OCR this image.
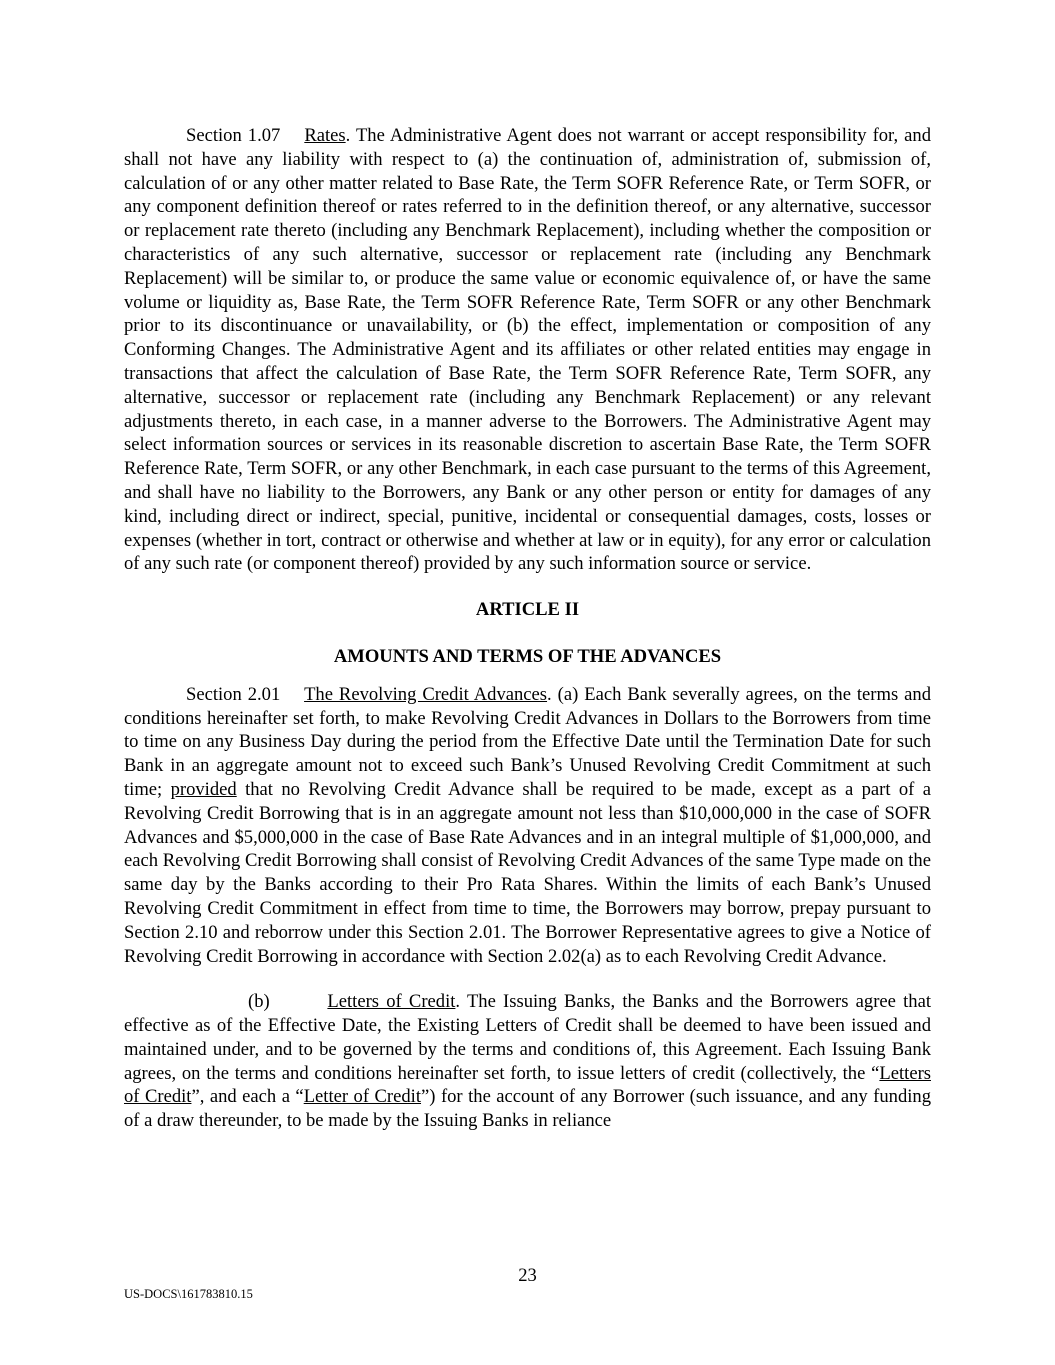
Section 1.07 Rates. The Administrative Agent does not warrant or accept responsibility for, and shall not have any liability with respect to (a) the continuation of, administration of, submission of, calculation of or any other matter related to Base Rate, the Term SOFR Reference Rate, or Term SOFR, or any component definition thereof or rates referred to in the definition thereof, or any alternative, successor or replacement rate thereto (including any Benchmark Replacement), including whether the composition or characteristics of any such alternative, successor or replacement rate (including any Benchmark Replacement) will be similar to, or produce the same value or economic equivalence of, or have the same volume or liquidity as, Base Rate, the Term SOFR Reference Rate, Term SOFR or any other Benchmark prior to its discontinuance or unavailability, or (b) the effect, implementation or composition of any Conforming Changes. The Administrative Agent and its affiliates or other related entities may engage in transactions that affect the calculation of Base Rate, the Term SOFR Reference Rate, Term SOFR, any alternative, successor or replacement rate (including any Benchmark Replacement) or any relevant adjustments thereto, in each case, in a manner adverse to the Borrowers. The Administrative Agent may select information sources or services in its reasonable discretion to ascertain Base Rate, the Term SOFR Reference Rate, Term SOFR, or any other Benchmark, in each case pursuant to the terms of this Agreement, and shall have no liability to the Borrowers, any Bank or any other person or entity for damages of any kind, including direct or indirect, special, punitive, incidental or consequential damages, costs, losses or expenses (whether in tort, contract or otherwise and whether at law or in equity), for any error or calculation of any such rate (or component thereof) provided by any such information source or service.

ARTICLE II

AMOUNTS AND TERMS OF THE ADVANCES

Section 2.01 The Revolving Credit Advances. (a) Each Bank severally agrees, on the terms and conditions hereinafter set forth, to make Revolving Credit Advances in Dollars to the Borrowers from time to time on any Business Day during the period from the Effective Date until the Termination Date for such Bank in an aggregate amount not to exceed such Bank’s Unused Revolving Credit Commitment at such time; provided that no Revolving Credit Advance shall be required to be made, except as a part of a Revolving Credit Borrowing that is in an aggregate amount not less than $10,000,000 in the case of SOFR Advances and $5,000,000 in the case of Base Rate Advances and in an integral multiple of $1,000,000, and each Revolving Credit Borrowing shall consist of Revolving Credit Advances of the same Type made on the same day by the Banks according to their Pro Rata Shares. Within the limits of each Bank’s Unused Revolving Credit Commitment in effect from time to time, the Borrowers may borrow, prepay pursuant to Section 2.10 and reborrow under this Section 2.01. The Borrower Representative agrees to give a Notice of Revolving Credit Borrowing in accordance with Section 2.02(a) as to each Revolving Credit Advance.

(b)	Letters of Credit. The Issuing Banks, the Banks and the Borrowers agree that effective as of the Effective Date, the Existing Letters of Credit shall be deemed to have been issued and maintained under, and to be governed by the terms and conditions of, this Agreement. Each Issuing Bank agrees, on the terms and conditions hereinafter set forth, to issue letters of credit (collectively, the “Letters of Credit”, and each a “Letter of Credit”) for the account of any Borrower (such issuance, and any funding of a draw thereunder, to be made by the Issuing Banks in reliance

23
US-DOCS\161783810.15
